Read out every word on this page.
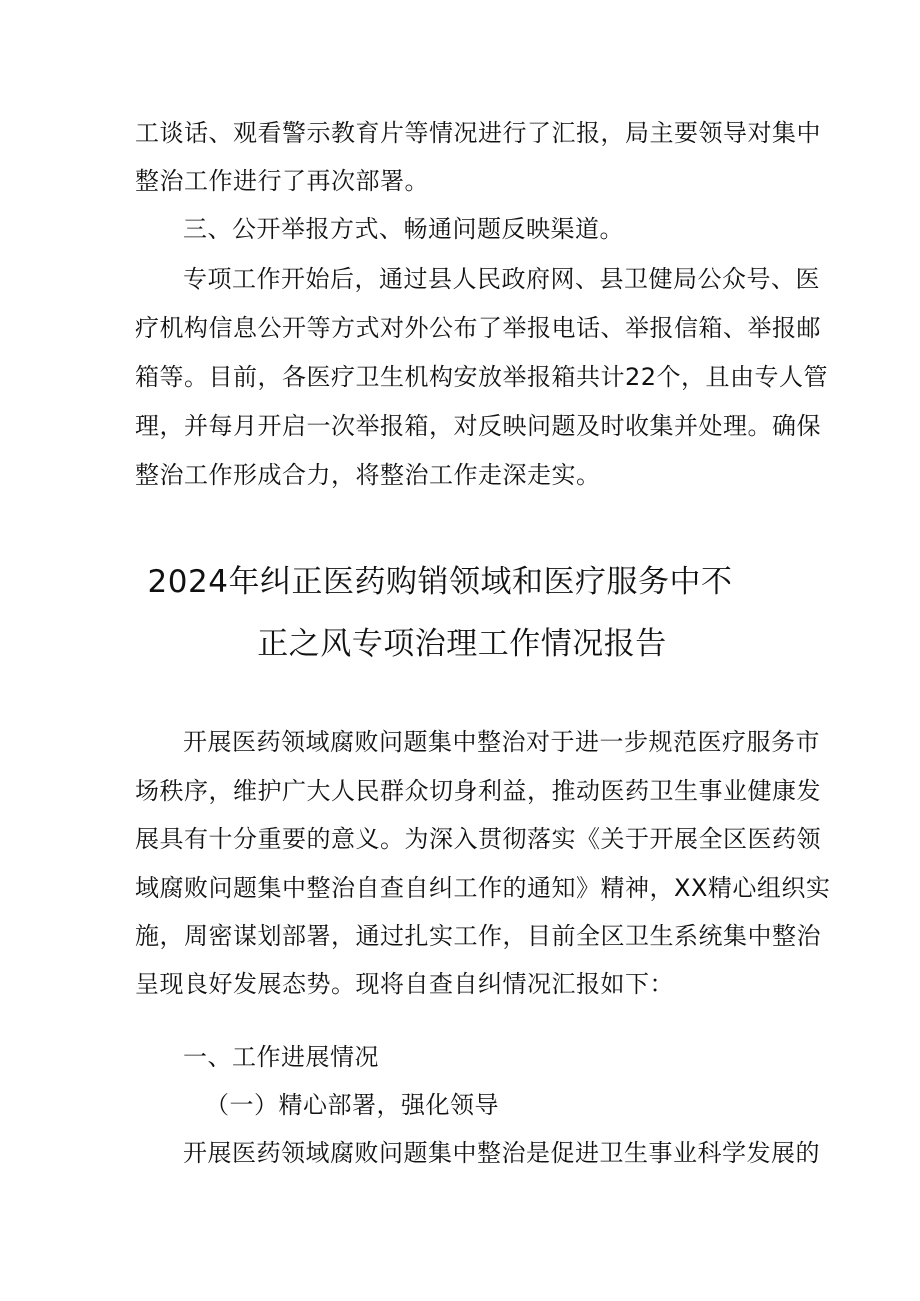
工谈话、观看警示教育片等情况进行了汇报，局主要领导对集中
整治工作进行了再次部署。
三、公开举报方式、畅通问题反映渠道。
专项工作开始后，通过县人民政府网、县卫健局公众号、医
疗机构信息公开等方式对外公布了举报电话、举报信箱、举报邮
箱等。目前，各医疗卫生机构安放举报箱共计22个，且由专人管
理，并每月开启一次举报箱，对反映问题及时收集并处理。确保
整治工作形成合力，将整治工作走深走实。
2024年纠正医药购销领域和医疗服务中不
正之风专项治理工作情况报告
开展医药领域腐败问题集中整治对于进一步规范医疗服务市
场秩序，维护广大人民群众切身利益，推动医药卫生事业健康发
展具有十分重要的意义。为深入贯彻落实《关于开展全区医药领
域腐败问题集中整治自查自纠工作的通知》精神，XX精心组织实
施，周密谋划部署，通过扎实工作，目前全区卫生系统集中整治
呈现良好发展态势。现将自查自纠情况汇报如下：
一、工作进展情况
（一）精心部署，强化领导
开展医药领域腐败问题集中整治是促进卫生事业科学发展的
